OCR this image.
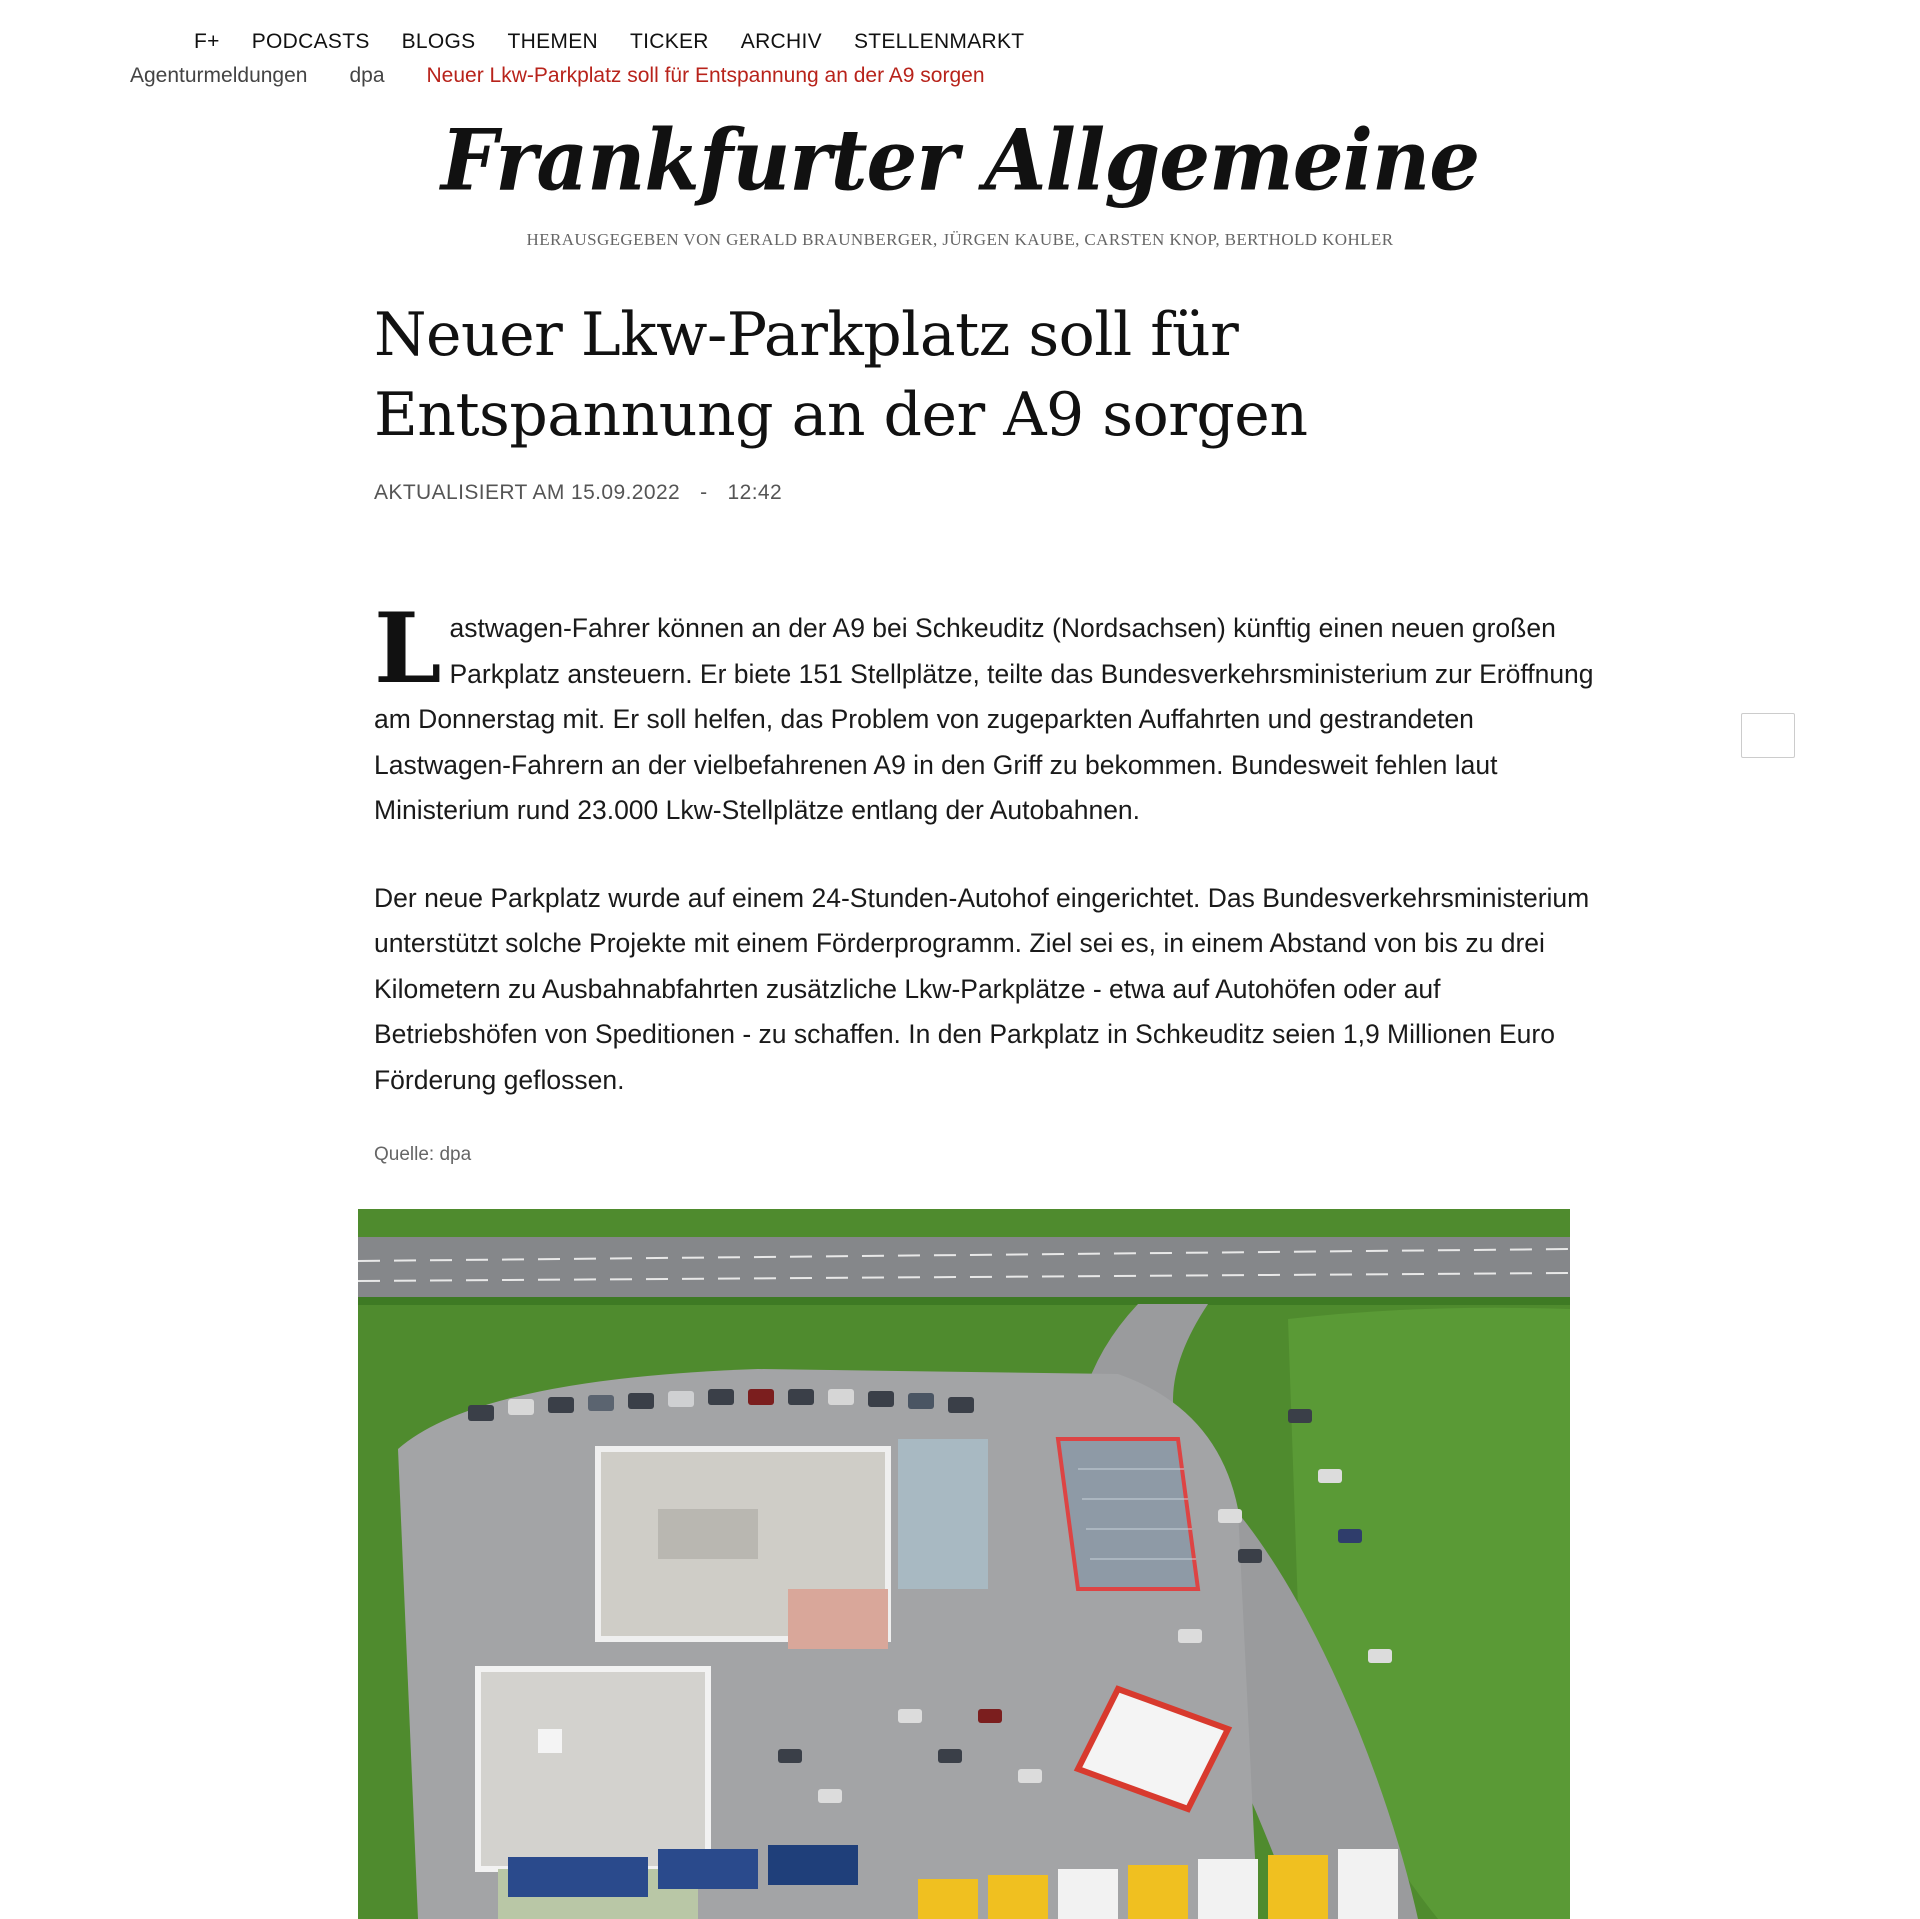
F+ PODCASTS BLOGS THEMEN TICKER ARCHIV STELLENMARKT
Agenturmeldungen dpa Neuer Lkw-Parkplatz soll für Entspannung an der A9 sorgen
Frankfurter Allgemeine
HERAUSGEGEBEN VON GERALD BRAUNBERGER, JÜRGEN KAUBE, CARSTEN KNOP, BERTHOLD KOHLER
Neuer Lkw-Parkplatz soll für Entspannung an der A9 sorgen
AKTUALISIERT AM 15.09.2022 - 12:42

Lastwagen-Fahrer können an der A9 bei Schkeuditz (Nordsachsen) künftig einen neuen großen Parkplatz ansteuern. Er biete 151 Stellplätze, teilte das Bundesverkehrsministerium zur Eröffnung am Donnerstag mit. Er soll helfen, das Problem von zugeparkten Auffahrten und gestrandeten Lastwagen-Fahrern an der vielbefahrenen A9 in den Griff zu bekommen. Bundesweit fehlen laut Ministerium rund 23.000 Lkw-Stellplätze entlang der Autobahnen.

Der neue Parkplatz wurde auf einem 24-Stunden-Autohof eingerichtet. Das Bundesverkehrsministerium unterstützt solche Projekte mit einem Förderprogramm. Ziel sei es, in einem Abstand von bis zu drei Kilometern zu Ausbahnabfahrten zusätzliche Lkw-Parkplätze - etwa auf Autohöfen oder auf Betriebshöfen von Speditionen - zu schaffen. In den Parkplatz in Schkeuditz seien 1,9 Millionen Euro Förderung geflossen.

Quelle: dpa
